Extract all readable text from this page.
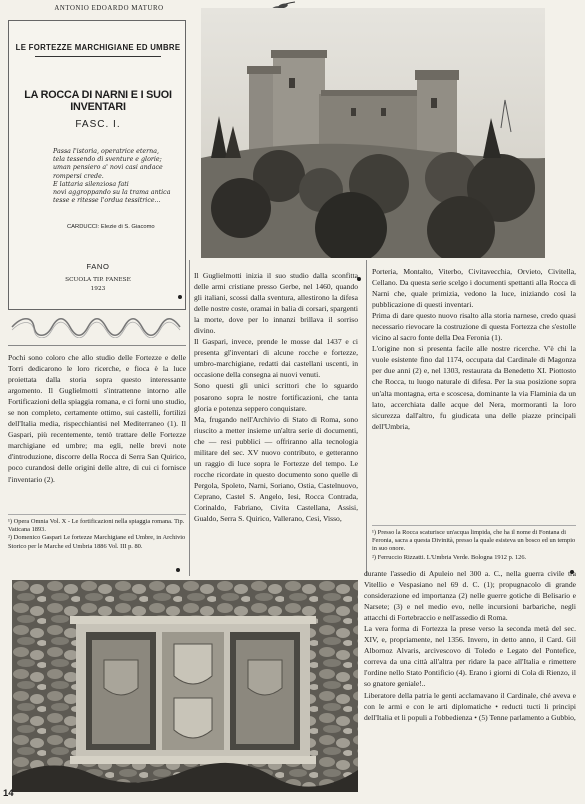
ANTONIO EDOARDO MATURO
LE FORTEZZE MARCHIGIANE ED UMBRE
LA ROCCA DI NARNI E I SUOI INVENTARI
FASC. I.
Passa l'istoria, operatrice eterna,
tela tessendo di sventure e glorie;
uman pensiero a' novi casi andace
rompersi crede.
E lattaria silenziosa fati
novi aggroppando su la trama antica
tesse e ritesse l'ordua tessitrice...
CARDUCCI: Elezie di S. Giacomo
FANO
SCUOLA TIP. FANESE
1923
Pochi sono coloro che allo studio delle Fortezze e delle Torri dedicarono le loro ricerche, e fioca è la luce proiettata dalla storia sopra questo interessante argomento. Il Guglielmotti s'intrattenne intorno alle Fortificazioni della spiaggia romana, e ci forni uno studio, se non completo, certamente ottimo, sui castelli, fortilizi dell'Italia media, rispecchiantisi nel Mediterraneo (1). Il Gaspari, più recentemente, tentò trattare delle Fortezze marchigiane ed umbre; ma egli, nelle brevi note d'introduzione, discorre della Rocca di Serra San Quirico, poco curandosi delle origini delle altre, di cui ci fornisce l'inventario (2).
¹) Opera Omnia Vol. X - Le fortificazioni nella spiaggia romana. Tip. Vaticana 1893.
²) Domenico Gaspari Le fortezze Marchigiane ed Umbre, in Archivio Storico per le Marche ed Umbria 1886 Vol. III p. 80.
Il Guglielmotti inizia il suo studio dalla sconfitta delle armi cristiane presso Gerbe, nel 1460, quando gli italiani, scossi dalla sventura, allestirono la difesa delle nostre coste, oramai in balia di corsari, spargenti la morte, dove per lo innanzi brillava il sorriso divino.
Il Gaspari, invece, prende le mosse dal 1437 e ci presenta gl'inventari di alcune rocche e fortezze, umbro-marchigiane, redatti dai castellani uscenti, in occasione della consegna ai nuovi venuti.
Sono questi gli unici scrittori che lo sguardo posarono sopra le nostre fortificazioni, che tanta gloria e potenza seppero conquistare.
Ma, frugando nell'Archivio di Stato di Roma, sono riuscito a metter insieme un'altra serie di documenti, che — resi pubblici — offriranno alla tecnologia militare del sec. XV nuovo contributo, e getteranno un raggio di luce sopra le Fortezze del tempo. Le rocche ricordate in questo documento sono quelle di Pergola, Spoleto, Narni, Soriano, Ostia, Castelnuovo, Ceprano, Castel S. Angelo, Iesi, Rocca Contrada, Corinaldo, Fabriano, Civita Castellana, Assisi, Gualdo, Serra S. Quirico, Vallerano, Cesi, Visso,
Porteria, Montalto, Viterbo, Civitavecchia, Orvieto, Civitella, Cellano. Da questa serie scelgo i documenti spettanti alla Rocca di Narni che, quale primizia, vedono la luce, iniziando così la pubblicazione di questi inventari.
Prima di dare questo nuovo risalto alla storia narnese, credo quasi necessario rievocare la costruzione di questa Fortezza che s'estolle vicino al sacro fonte della Dea Feronia (1).
L'origine non si presenta facile alle nostre ricerche. V'è chi la vuole esistente fino dal 1174, occupata dal Cardinale di Magonza per due anni (2) e, nel 1303, restaurata da Benedetto XI. Piottosto che Rocca, tu luogo naturale di difesa. Per la sua posizione sopra un'alta montagna, erta e scoscesa, dominante la via Flaminia da un lato, accerchiata dalle acque del Nera, mormoranti la loro sicurezza dall'altro, fu giudicata una delle piazze principali dell'Umbria,
¹) Presso la Rocca scaturisce un'acqua limpida, che ha il nome di Fontana di Feronia, sacra a questa Divinità, presso la quale esisteva un bosco ed un tempio in suo onore.
²) Ferruccio Rizzatti. L'Umbria Verde. Bologna 1912 p. 126.
durante l'assedio di Apuleio nel 300 a. C., nella guerra civile tra Vitellio e Vespasiano nel 69 d. C. (1); propugnacolo di grande considerazione ed importanza (2) nelle guerre gotiche di Belisario e Narsete; (3) e nel medio evo, nelle incursioni barbariche, negli attacchi di Fortebraccio e nell'assedio di Roma.
La vera forma di Fortezza la prese verso la seconda metà del sec. XIV, e, propriamente, nel 1356. Invero, in detto anno, il Card. Gil Albornoz Alvaris, arcivescovo di Toledo e Legato del Pontefice, correva da una città all'altra per ridare la pace all'Italia e rimettere l'ordine nello Stato Pontificio (4). Erano i giorni di Cola di Rienzo, il so gnatore geniale!..
Liberatore della patria le genti acclamavano il Cardinale, ché aveva e con le armi e con le arti diplomatiche • reducti tucti li principi dell'Italia et li populi a l'obbedienza • (5) Tenne parlamento a Gubbio,
14
